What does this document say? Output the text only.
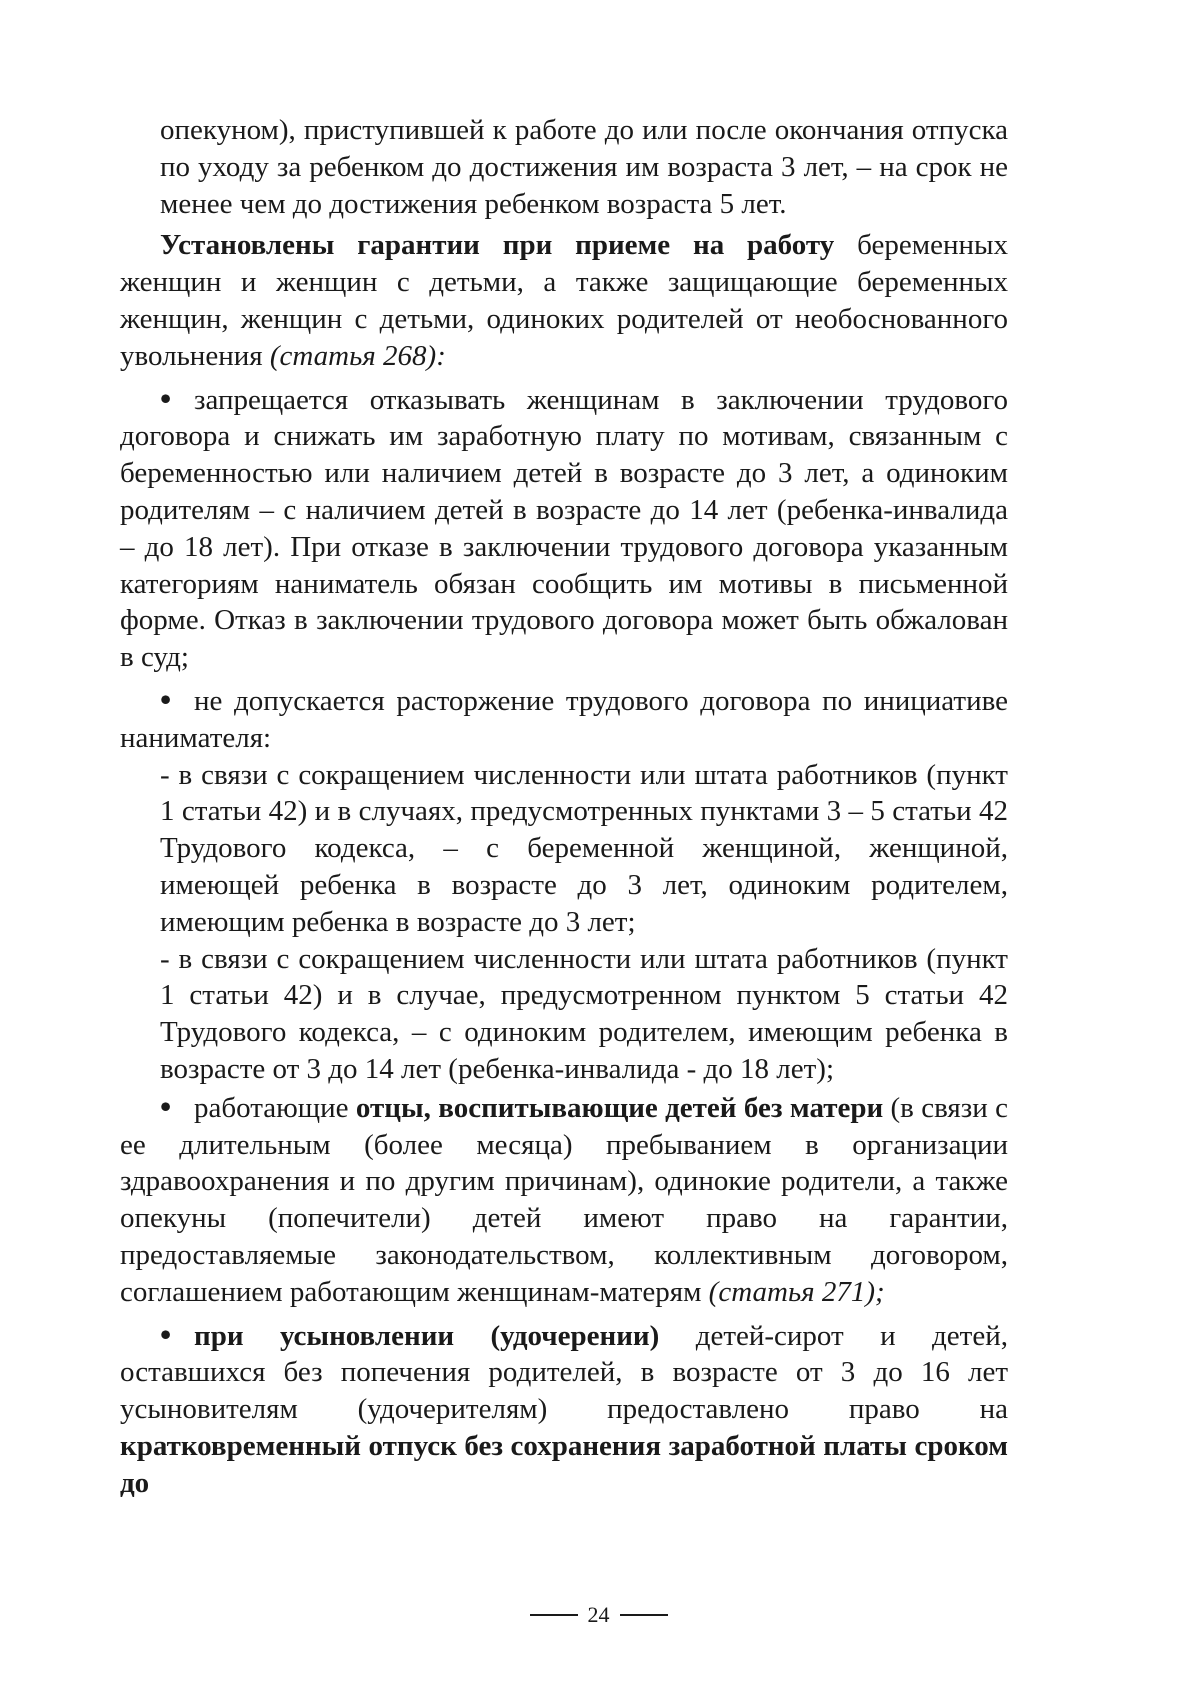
опекуном), приступившей к работе до или после окончания отпуска по уходу за ребенком до достижения им возраста 3 лет, – на срок не менее чем до достижения ребенком возраста 5 лет.

Установлены гарантии при приеме на работу беременных женщин и женщин с детьми, а также защищающие беременных женщин, женщин с детьми, одиноких родителей от необоснованного увольнения (статья 268):

•запрещается отказывать женщинам в заключении трудового договора и снижать им заработную плату по мотивам, связанным с беременностью или наличием детей в возрасте до 3 лет, а одиноким родителям – с наличием детей в возрасте до 14 лет (ребенка-инвалида – до 18 лет). При отказе в заключении трудового договора указанным категориям наниматель обязан сообщить им мотивы в письменной форме. Отказ в заключении трудового договора может быть обжалован в суд;

•не допускается расторжение трудового договора по инициативе нанимателя:

- в связи с сокращением численности или штата работников (пункт 1 статьи 42) и в случаях, предусмотренных пунктами 3 – 5 статьи 42 Трудового кодекса, – с беременной женщиной, женщиной, имеющей ребенка в возрасте до 3 лет, одиноким родителем, имеющим ребенка в возрасте до 3 лет;

- в связи с сокращением численности или штата работников (пункт 1 статьи 42) и в случае, предусмотренном пунктом 5 статьи 42 Трудового кодекса, – с одиноким родителем, имеющим ребенка в возрасте от 3 до 14 лет (ребенка-инвалида - до 18 лет);

•работающие отцы, воспитывающие детей без матери (в связи с ее длительным (более месяца) пребыванием в организации здравоохранения и по другим причинам), одинокие родители, а также опекуны (попечители) детей имеют право на гарантии, предоставляемые законодательством, коллективным договором, соглашением работающим женщинам-матерям (статья 271);

•при усыновлении (удочерении) детей-сирот и детей, оставшихся без попечения родителей, в возрасте от 3 до 16 лет усыновителям (удочерителям) предоставлено право на кратковременный отпуск без сохранения заработной платы сроком до

24
